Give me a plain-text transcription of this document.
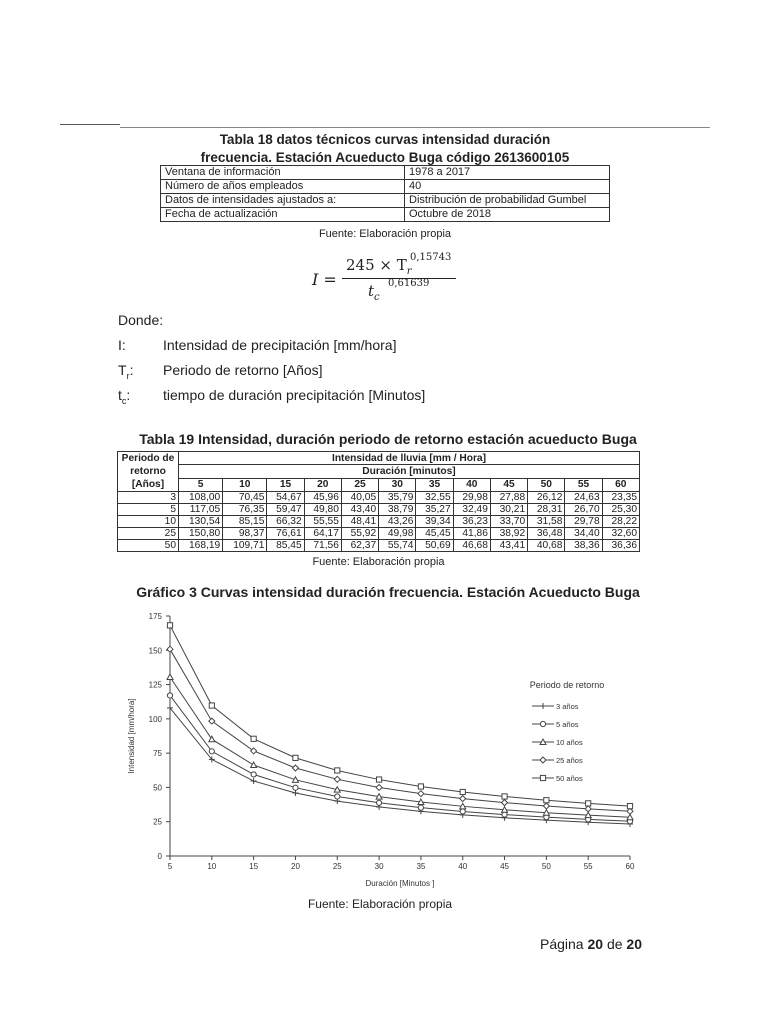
Tabla 18 datos técnicos curvas intensidad duración
frecuencia. Estación Acueducto Buga código 2613600105
Ventana de información	1978 a 2017
Número de años empleados	40
Datos de intensidades ajustados a:	Distribución de probabilidad Gumbel
Fecha de actualización	Octubre de 2018
Fuente: Elaboración propia
I =
$245 \times T_r$
0,15743
$t_c$
0,61639
Donde:
I:	Intensidad de precipitación [mm/hora]
$T_r$: Periodo de retorno [Años]
$t_c$: tiempo de duración precipitación [Minutos]
Tabla 19 Intensidad, duración periodo de retorno estación acueducto Buga
Periodo de retorno [Años]	Intensidad de lluvia [mm / Hora]											
	Duración [minutos]											
	5	10	15	20	25	30	35	40	45	50	55	60
3	108,00	70,45	54,67	45,96	40,05	35,79	32,55	29,98	27,88	26,12	24,63	23,35
5	117,05	76,35	59,47	49,80	43,40	38,79	35,27	32,49	30,21	28,31	26,70	25,30
10	130,54	85,15	66,32	55,55	48,41	43,26	39,34	36,23	33,70	31,58	29,78	28,22
25	150,80	98,37	76,61	64,17	55,92	49,98	45,45	41,86	38,92	36,48	34,40	32,60
50	168,19	109,71	85,45	71,56	62,37	55,74	50,69	46,68	43,41	40,68	38,36	36,36
Fuente: Elaboración propia
Gráfico 3 Curvas intensidad duración frecuencia. Estación Acueducto Buga
0
25
50
75
100
125
150
175
5	10	15	20	25	30	35	40	45	50	55	60
Duración [Minutos ]
Intensidad [mm/hora]
Periodo de retorno
3 años
5 años
10 años
25 años
50 años
Fuente: Elaboración propia
Página 20 de 20
